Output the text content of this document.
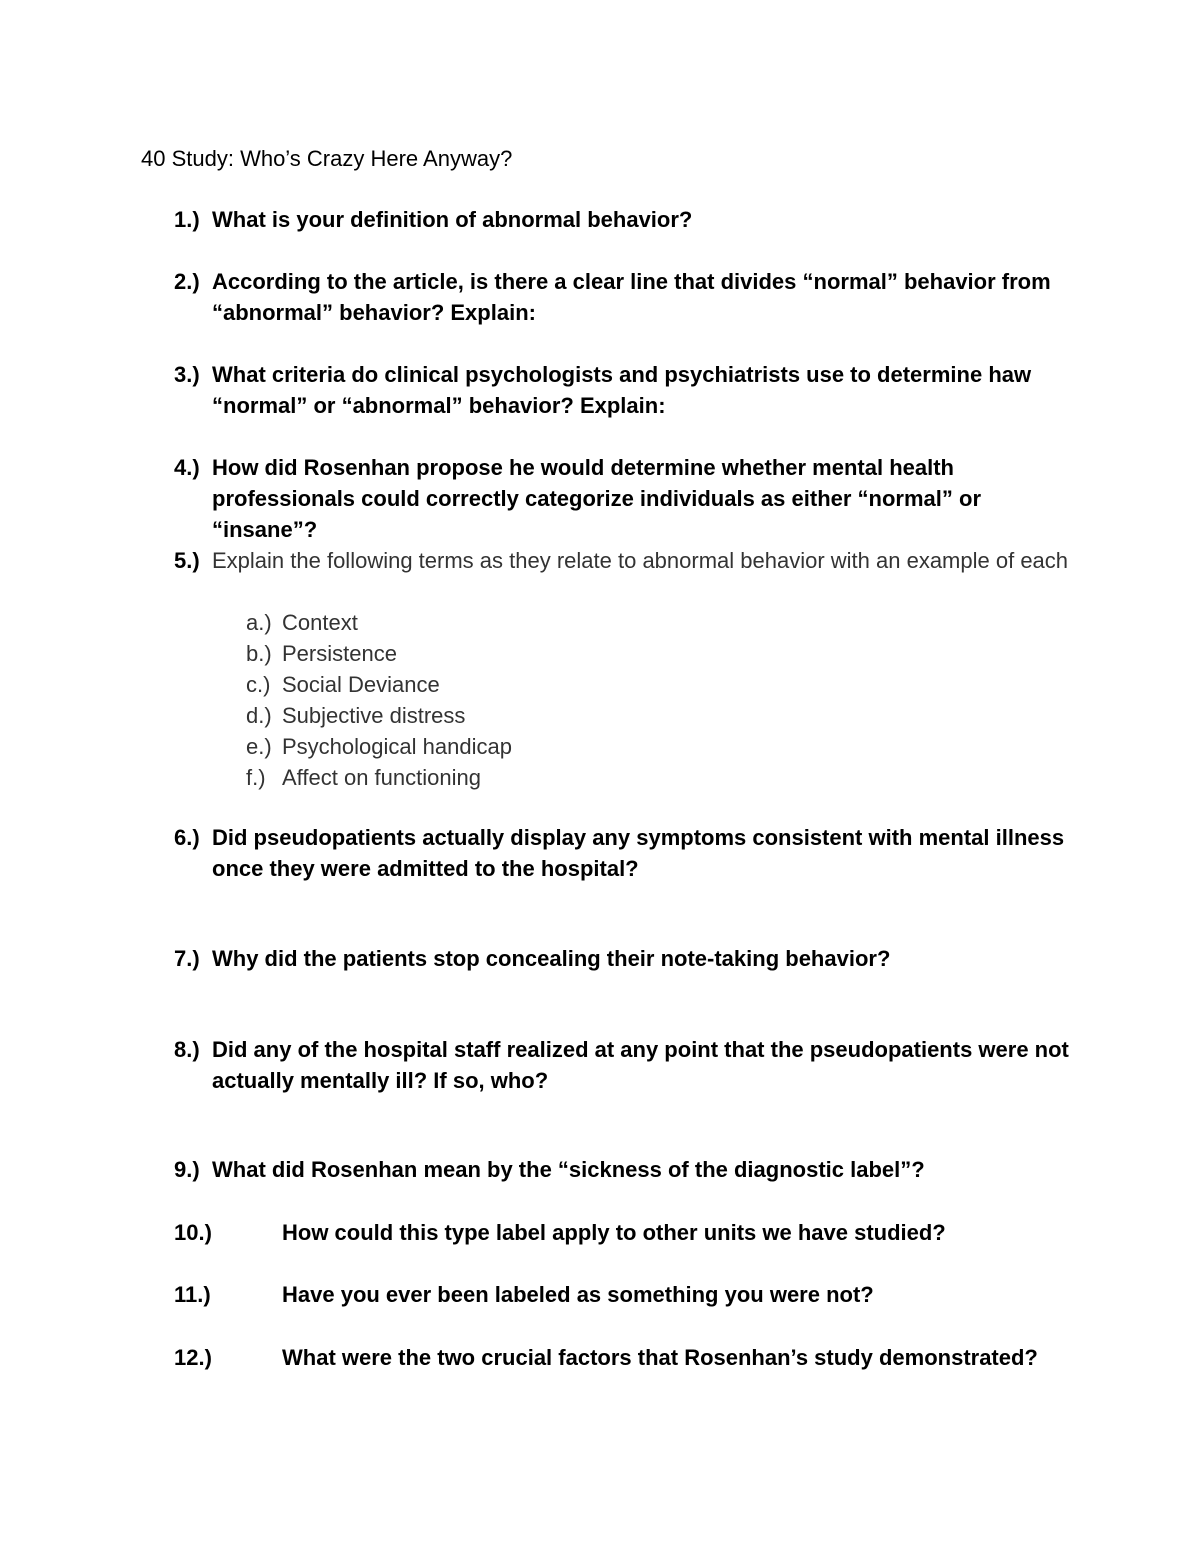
40 Study: Who’s Crazy Here Anyway?
1.) What is your definition of abnormal behavior?
2.) According to the article, is there a clear line that divides “normal” behavior from “abnormal” behavior? Explain:
3.) What criteria do clinical psychologists and psychiatrists use to determine haw “normal” or “abnormal” behavior? Explain:
4.) How did Rosenhan propose he would determine whether mental health professionals could correctly categorize individuals as either “normal” or “insane”?
5.) Explain the following terms as they relate to abnormal behavior with an example of each
a.) Context
b.) Persistence
c.) Social Deviance
d.) Subjective distress
e.) Psychological handicap
f.) Affect on functioning
6.) Did pseudopatients actually display any symptoms consistent with mental illness once they were admitted to the hospital?
7.) Why did the patients stop concealing their note-taking behavior?
8.) Did any of the hospital staff realized at any point that the pseudopatients were not actually mentally ill? If so, who?
9.) What did Rosenhan mean by the “sickness of the diagnostic label”?
10.)	How could this type label apply to other units we have studied?
11.)	Have you ever been labeled as something you were not?
12.)	What were the two crucial factors that Rosenhan’s study demonstrated?
